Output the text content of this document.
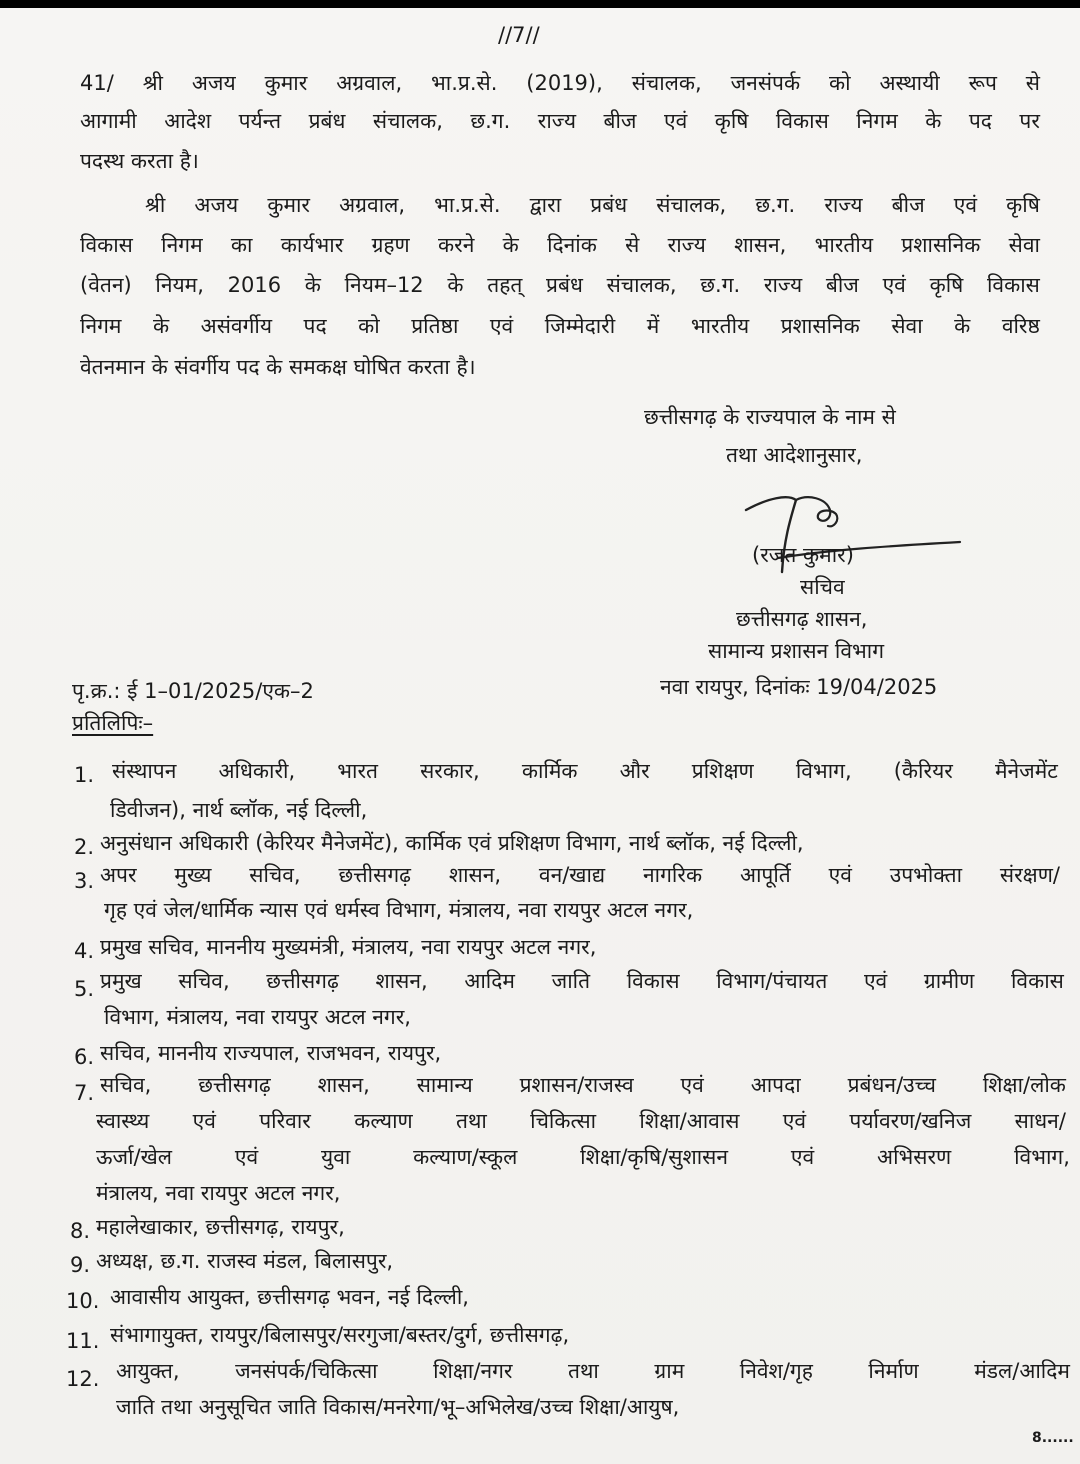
//7//
41/ श्री अजय कुमार अग्रवाल, भा.प्र.से. (2019), संचालक, जनसंपर्क को अस्थायी रूप से
आगामी आदेश पर्यन्त प्रबंध संचालक, छ.ग. राज्य बीज एवं कृषि विकास निगम के पद पर
पदस्थ करता है।
श्री अजय कुमार अग्रवाल, भा.प्र.से. द्वारा प्रबंध संचालक, छ.ग. राज्य बीज एवं कृषि
विकास निगम का कार्यभार ग्रहण करने के दिनांक से राज्य शासन, भारतीय प्रशासनिक सेवा
(वेतन) नियम, 2016 के नियम–12 के तहत् प्रबंध संचालक, छ.ग. राज्य बीज एवं कृषि विकास
निगम के असंवर्गीय पद को प्रतिष्ठा एवं जिम्मेदारी में भारतीय प्रशासनिक सेवा के वरिष्ठ
वेतनमान के संवर्गीय पद के समकक्ष घोषित करता है।
छत्तीसगढ़ के राज्यपाल के नाम से
तथा आदेशानुसार,
(रजत कुमार)
सचिव
छत्तीसगढ़ शासन,
सामान्य प्रशासन विभाग
पृ.क्र.: ई 1–01/2025/एक–2	नवा रायपुर, दिनांकः 19/04/2025
प्रतिलिपिः–
1. संस्थापन अधिकारी, भारत सरकार, कार्मिक और प्रशिक्षण विभाग, (कैरियर मैनेजमेंट
डिवीजन), नार्थ ब्लॉक, नई दिल्ली,
2. अनुसंधान अधिकारी (केरियर मैनेजमेंट), कार्मिक एवं प्रशिक्षण विभाग, नार्थ ब्लॉक, नई दिल्ली,
3. अपर मुख्य सचिव, छत्तीसगढ़ शासन, वन/खाद्य नागरिक आपूर्ति एवं उपभोक्ता संरक्षण/
गृह एवं जेल/धार्मिक न्यास एवं धर्मस्व विभाग, मंत्रालय, नवा रायपुर अटल नगर,
4. प्रमुख सचिव, माननीय मुख्यमंत्री, मंत्रालय, नवा रायपुर अटल नगर,
5. प्रमुख सचिव, छत्तीसगढ़ शासन, आदिम जाति विकास विभाग/पंचायत एवं ग्रामीण विकास
विभाग, मंत्रालय, नवा रायपुर अटल नगर,
6. सचिव, माननीय राज्यपाल, राजभवन, रायपुर,
7. सचिव, छत्तीसगढ़ शासन, सामान्य प्रशासन/राजस्व एवं आपदा प्रबंधन/उच्च शिक्षा/लोक
स्वास्थ्य एवं परिवार कल्याण तथा चिकित्सा शिक्षा/आवास एवं पर्यावरण/खनिज साधन/
ऊर्जा/खेल	एवं	युवा	कल्याण/स्कूल	शिक्षा/कृषि/सुशासन	एवं	अभिसरण	विभाग,
मंत्रालय, नवा रायपुर अटल नगर,
8. महालेखाकार, छत्तीसगढ़, रायपुर,
9. अध्यक्ष, छ.ग. राजस्व मंडल, बिलासपुर,
10. आवासीय आयुक्त, छत्तीसगढ़ भवन, नई दिल्ली,
11. संभागायुक्त, रायपुर/बिलासपुर/सरगुजा/बस्तर/दुर्ग, छत्तीसगढ़,
12. आयुक्त,	जनसंपर्क/चिकित्सा	शिक्षा/नगर	तथा	ग्राम	निवेश/गृह	निर्माण	मंडल/आदिम
जाति तथा अनुसूचित जाति विकास/मनरेगा/भू–अभिलेख/उच्च शिक्षा/आयुष,
8......
